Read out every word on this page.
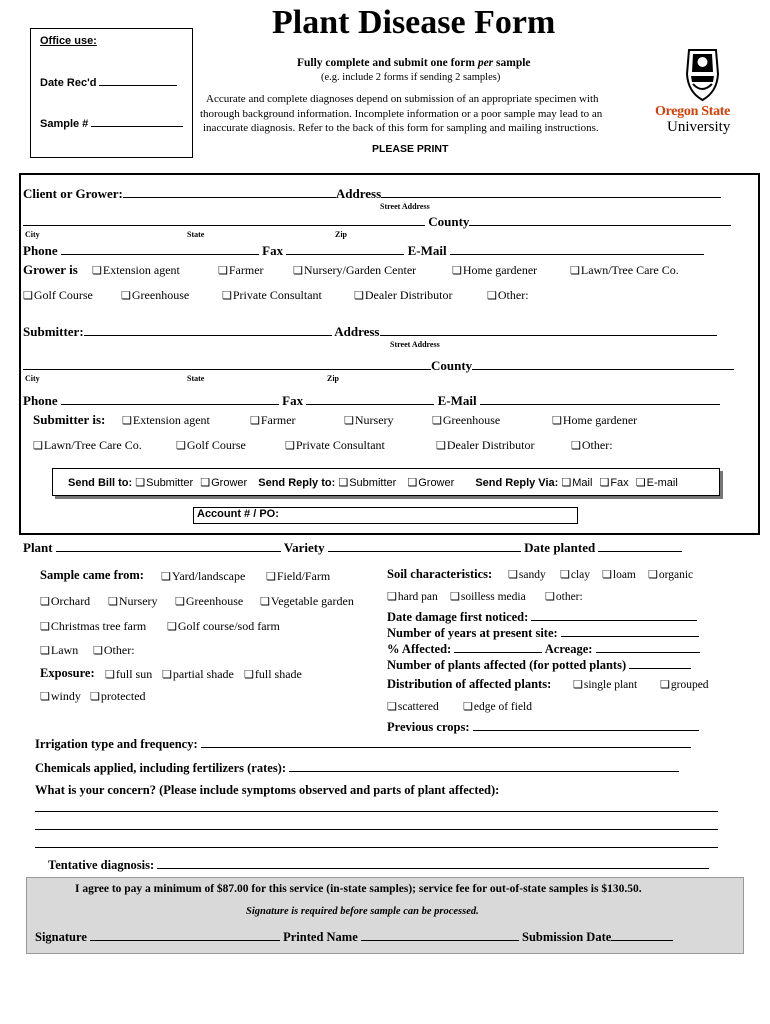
Office use:
Date Rec'd
Sample #
Plant Disease Form
Fully complete and submit one form per sample
(e.g. include 2 forms if sending 2 samples)
Accurate and complete diagnoses depend on submission of an appropriate specimen with
thorough background information. Incomplete information or a poor sample may lead to an
inaccurate diagnosis. Refer to the back of this form for sampling and mailing instructions.
PLEASE PRINT
Oregon State
University
Client or Grower:	Address
Street Address
County
City	State	Zip
Phone	Fax	E-Mail
Grower is	❏ Extension agent	❏ Farmer	❏ Nursery/Garden Center	❏ Home gardener	❏ Lawn/Tree Care Co.
❏ Golf Course	❏ Greenhouse	❏ Private Consultant	❏ Dealer Distributor	❏ Other:
Submitter:	Address
Street Address
County
City	State	Zip
Phone	Fax	E-Mail
Submitter is:	❏ Extension agent	❏ Farmer	❏ Nursery	❏ Greenhouse	❏ Home gardener
❏ Lawn/Tree Care Co.	❏ Golf Course	❏ Private Consultant	❏ Dealer Distributor	❏ Other:
Send Bill to: ❏ Submitter ❏ Grower Send Reply to: ❏ Submitter ❏ Grower Send Reply Via: ❏ Mail ❏ Fax ❏ E-mail
Account # / PO:
Plant	Variety	Date planted
Sample came from:	❏ Yard/landscape	❏ Field/Farm
❏ Orchard	❏ Nursery	❏ Greenhouse	❏ Vegetable garden
❏ Christmas tree farm	❏ Golf course/sod farm
❏ Lawn	❏ Other:
Exposure:	❏ full sun	❏ partial shade	❏ full shade
❏ windy	❏ protected
Soil characteristics:	❏ sandy	❏ clay	❏ loam	❏ organic
❏ hard pan	❏ soilless media	❏ other:
Date damage first noticed:
Number of years at present site:
% Affected:	Acreage:
Number of plants affected (for potted plants)
Distribution of affected plants:	❏ single plant	❏ grouped
❏ scattered	❏ edge of field
Previous crops:
Irrigation type and frequency:
Chemicals applied, including fertilizers (rates):
What is your concern? (Please include symptoms observed and parts of plant affected):
Tentative diagnosis:
I agree to pay a minimum of $87.00 for this service (in-state samples); service fee for out-of-state samples is $130.50.
Signature is required before sample can be processed.
Signature	Printed Name	Submission Date
